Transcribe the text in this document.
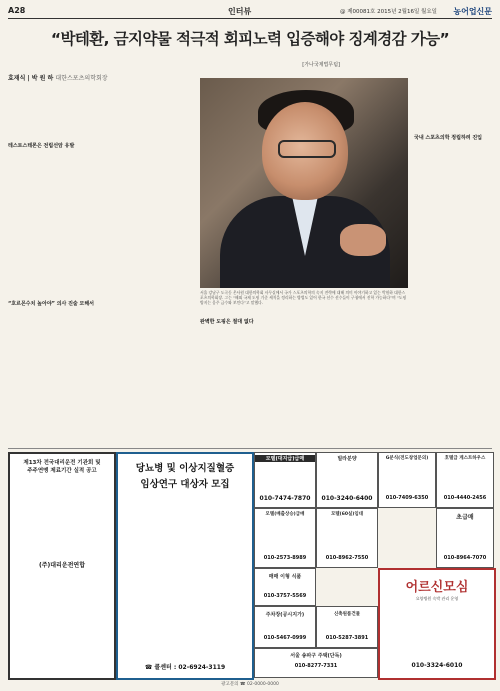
A28	인터뷰	@ 제00081호 2015년 2월16일 월요일 농어업신문
“박테환, 금지약물 적극적 회피노력 입증해야 징계경감 가능”
[가나국제법무팀]
효재식 | 박 원 하 대한스포츠의학회장
테스토스테론은 전립선암 유발
“호르몬수치 높아야” 의사 진술 모해서
서울 강남구 도곡동 온사원 대한의학회 사무실에서 국가 스포츠의학의 숙지 전략에 대해 의미 이야기하고 있는 박원하 대한스포츠의학회장. 그는 “해외 국제 도핑 기준 세칙을 정리하는 방법도 있어 한국 선수 선수들이 구청에서 진학 가능하다”며 “도핑 방지는 음주 금수와 보인다”고 말했다.
국내 스포츠의학 정립하려 진입
완벽한 도핑은 절대 없다
제13차 전국대리운전 기관회 및
주주연맹 제료기간 실적 공고
(주)대리운전연합
당뇨병 및 이상지질혈증
임상연구 대상자 모집
☎ 콜센터 : 02-6924-3119
모텔(대지급)급매
010-7474-7870
빌라분양
010-3240-6400
G분식(전도창업문의)
010-7409-6350
호텔급 게스트하우스
010-4440-2456
모텔(매출상승)급매
010-2573-8989
모텔(60실)임대
010-8962-7550
매매 이형 식품
010-3757-5569
주차장(공시지가)
010-5467-0999
서울 송파구 주택(단독)
010-8277-7331
초급매
010-8964-7070
신축원룸건물
010-5287-3891
어르신모심
요양병원 숙박 관리 운영
010-3324-6010
광고문의 ☎ 02-0000-0000
